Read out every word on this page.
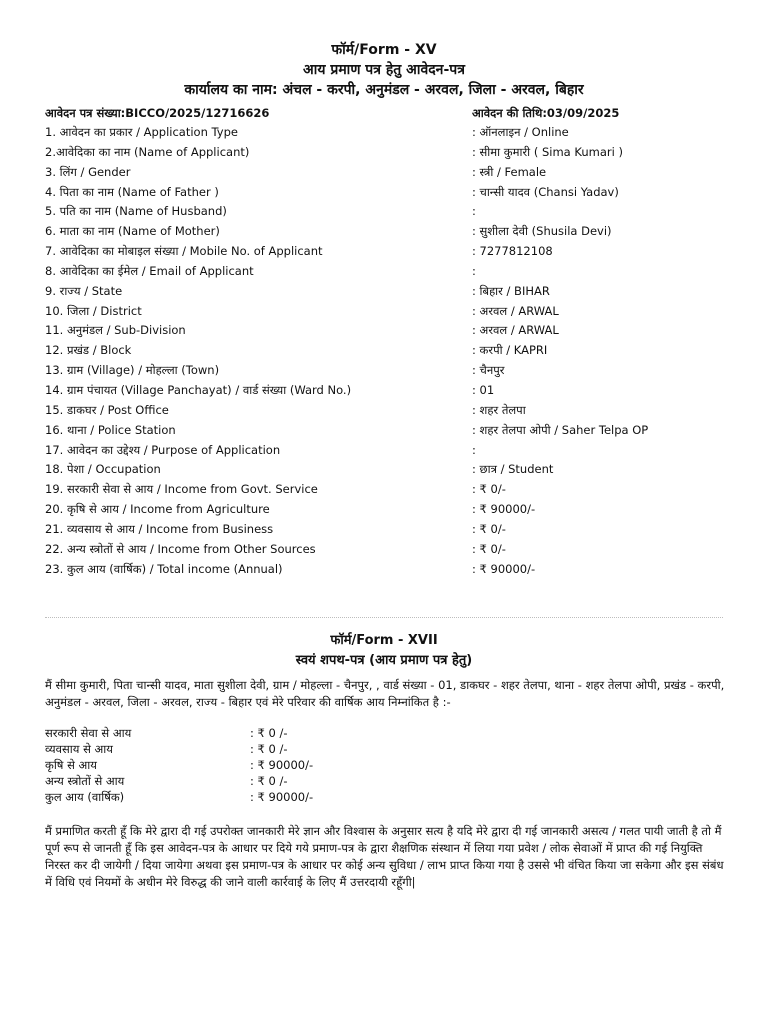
फॉर्म/Form - XV
आय प्रमाण पत्र हेतु आवेदन-पत्र
कार्यालय का नाम: अंचल - करपी, अनुमंडल - अरवल, जिला - अरवल, बिहार
आवेदन पत्र संख्या:BICCO/2025/12716626	आवेदन की तिथि:03/09/2025
1. आवेदन का प्रकार / Application Type	: ऑनलाइन / Online
2.आवेदिका का नाम (Name of Applicant)	: सीमा कुमारी ( Sima Kumari )
3. लिंग / Gender	: स्त्री / Female
4. पिता का नाम (Name of Father )	: चान्सी यादव (Chansi Yadav)
5. पति का नाम (Name of Husband)	:
6. माता का नाम (Name of Mother)	: सुशीला देवी (Shusila Devi)
7. आवेदिका का मोबाइल संख्या / Mobile No. of Applicant	: 7277812108
8. आवेदिका का ईमेल / Email of Applicant	:
9. राज्य / State	: बिहार / BIHAR
10. जिला / District	: अरवल / ARWAL
11. अनुमंडल / Sub-Division	: अरवल / ARWAL
12. प्रखंड / Block	: करपी / KAPRI
13. ग्राम (Village) / मोहल्ला (Town)	: चैनपुर
14. ग्राम पंचायत (Village Panchayat) / वार्ड संख्या (Ward No.)	: 01
15. डाकघर / Post Office	: शहर तेलपा
16. थाना / Police Station	: शहर तेलपा ओपी / Saher Telpa OP
17. आवेदन का उद्देश्य / Purpose of Application	:
18. पेशा / Occupation	: छात्र / Student
19. सरकारी सेवा से आय / Income from Govt. Service	: ₹ 0/-
20. कृषि से आय / Income from Agriculture	: ₹ 90000/-
21. व्यवसाय से आय / Income from Business	: ₹ 0/-
22. अन्य स्त्रोतों से आय / Income from Other Sources	: ₹ 0/-
23. कुल आय (वार्षिक) / Total income (Annual)	: ₹ 90000/-
फॉर्म/Form - XVII
स्वयं शपथ-पत्र (आय प्रमाण पत्र हेतु)
मैं सीमा कुमारी, पिता चान्सी यादव, माता सुशीला देवी, ग्राम / मोहल्ला - चैनपुर, , वार्ड संख्या - 01, डाकघर - शहर तेलपा, थाना - शहर तेलपा ओपी, प्रखंड - करपी, अनुमंडल - अरवल, जिला - अरवल, राज्य - बिहार एवं मेरे परिवार की वार्षिक आय निम्नांकित है :-
सरकारी सेवा से आय	: ₹ 0 /-
व्यवसाय से आय	: ₹ 0 /-
कृषि से आय	: ₹ 90000/-
अन्य स्त्रोतों से आय	: ₹ 0 /-
कुल आय (वार्षिक)	: ₹ 90000/-
मैं प्रमाणित करती हूँ कि मेरे द्वारा दी गई उपरोक्त जानकारी मेरे ज्ञान और विश्वास के अनुसार सत्य है यदि मेरे द्वारा दी गई जानकारी असत्य / गलत पायी जाती है तो मैं पूर्ण रूप से जानती हूँ कि इस आवेदन-पत्र के आधार पर दिये गये प्रमाण-पत्र के द्वारा शैक्षणिक संस्थान में लिया गया प्रवेश / लोक सेवाओं में प्राप्त की गई नियुक्ति निरस्त कर दी जायेगी / दिया जायेगा अथवा इस प्रमाण-पत्र के आधार पर कोई अन्य सुविधा / लाभ प्राप्त किया गया है उससे भी वंचित किया जा सकेगा और इस संबंध में विधि एवं नियमों के अधीन मेरे विरुद्ध की जाने वाली कार्रवाई के लिए मैं उत्तरदायी रहूँगी|
